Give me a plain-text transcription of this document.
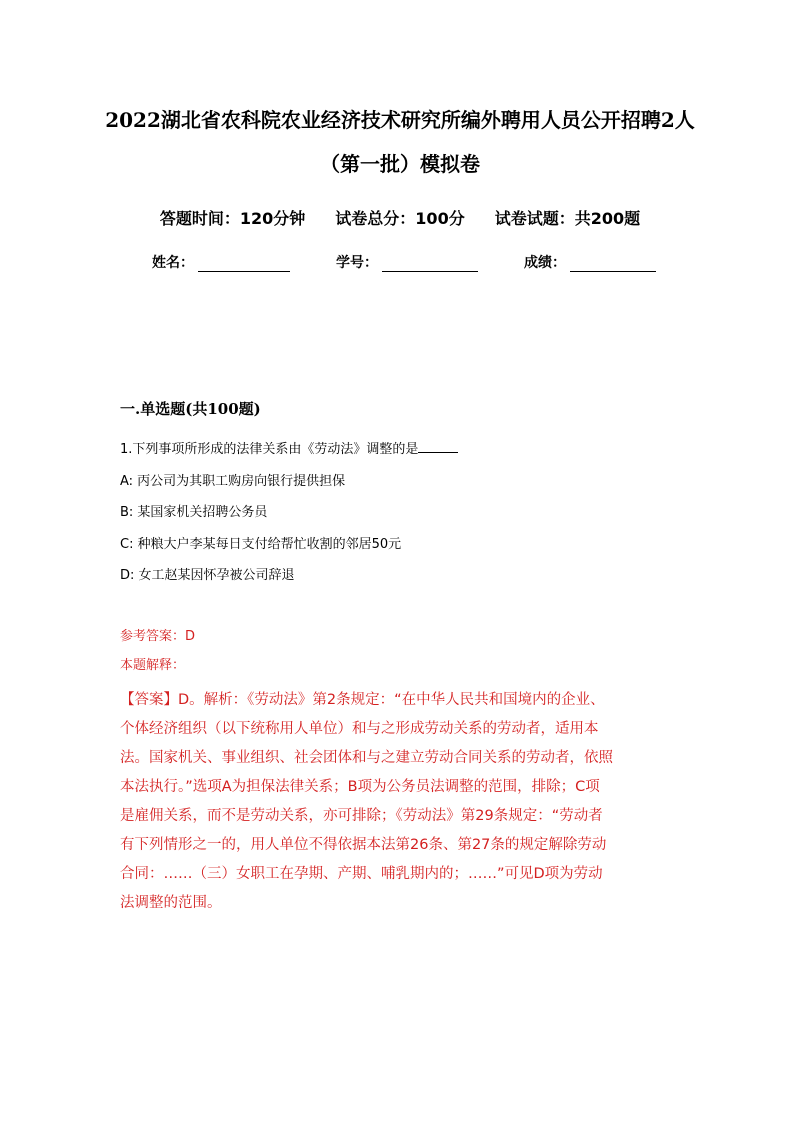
2022湖北省农科院农业经济技术研究所编外聘用人员公开招聘2人
（第一批）模拟卷
答题时间：120分钟 试卷总分：100分 试卷试题：共200题
姓名：	学号：	成绩：
一.单选题(共100题)
1.下列事项所形成的法律关系由《劳动法》调整的是
A: 丙公司为其职工购房向银行提供担保
B: 某国家机关招聘公务员
C: 种粮大户李某每日支付给帮忙收割的邻居50元
D: 女工赵某因怀孕被公司辞退
参考答案：D
本题解释：
【答案】D。解析：《劳动法》第2条规定：“在中华人民共和国境内的企业、
个体经济组织（以下统称用人单位）和与之形成劳动关系的劳动者，适用本
法。国家机关、事业组织、社会团体和与之建立劳动合同关系的劳动者，依照
本法执行。”选项A为担保法律关系；B项为公务员法调整的范围，排除；C项
是雇佣关系，而不是劳动关系，亦可排除；《劳动法》第29条规定：“劳动者
有下列情形之一的，用人单位不得依据本法第26条、第27条的规定解除劳动
合同：……（三）女职工在孕期、产期、哺乳期内的；……”可见D项为劳动
法调整的范围。
